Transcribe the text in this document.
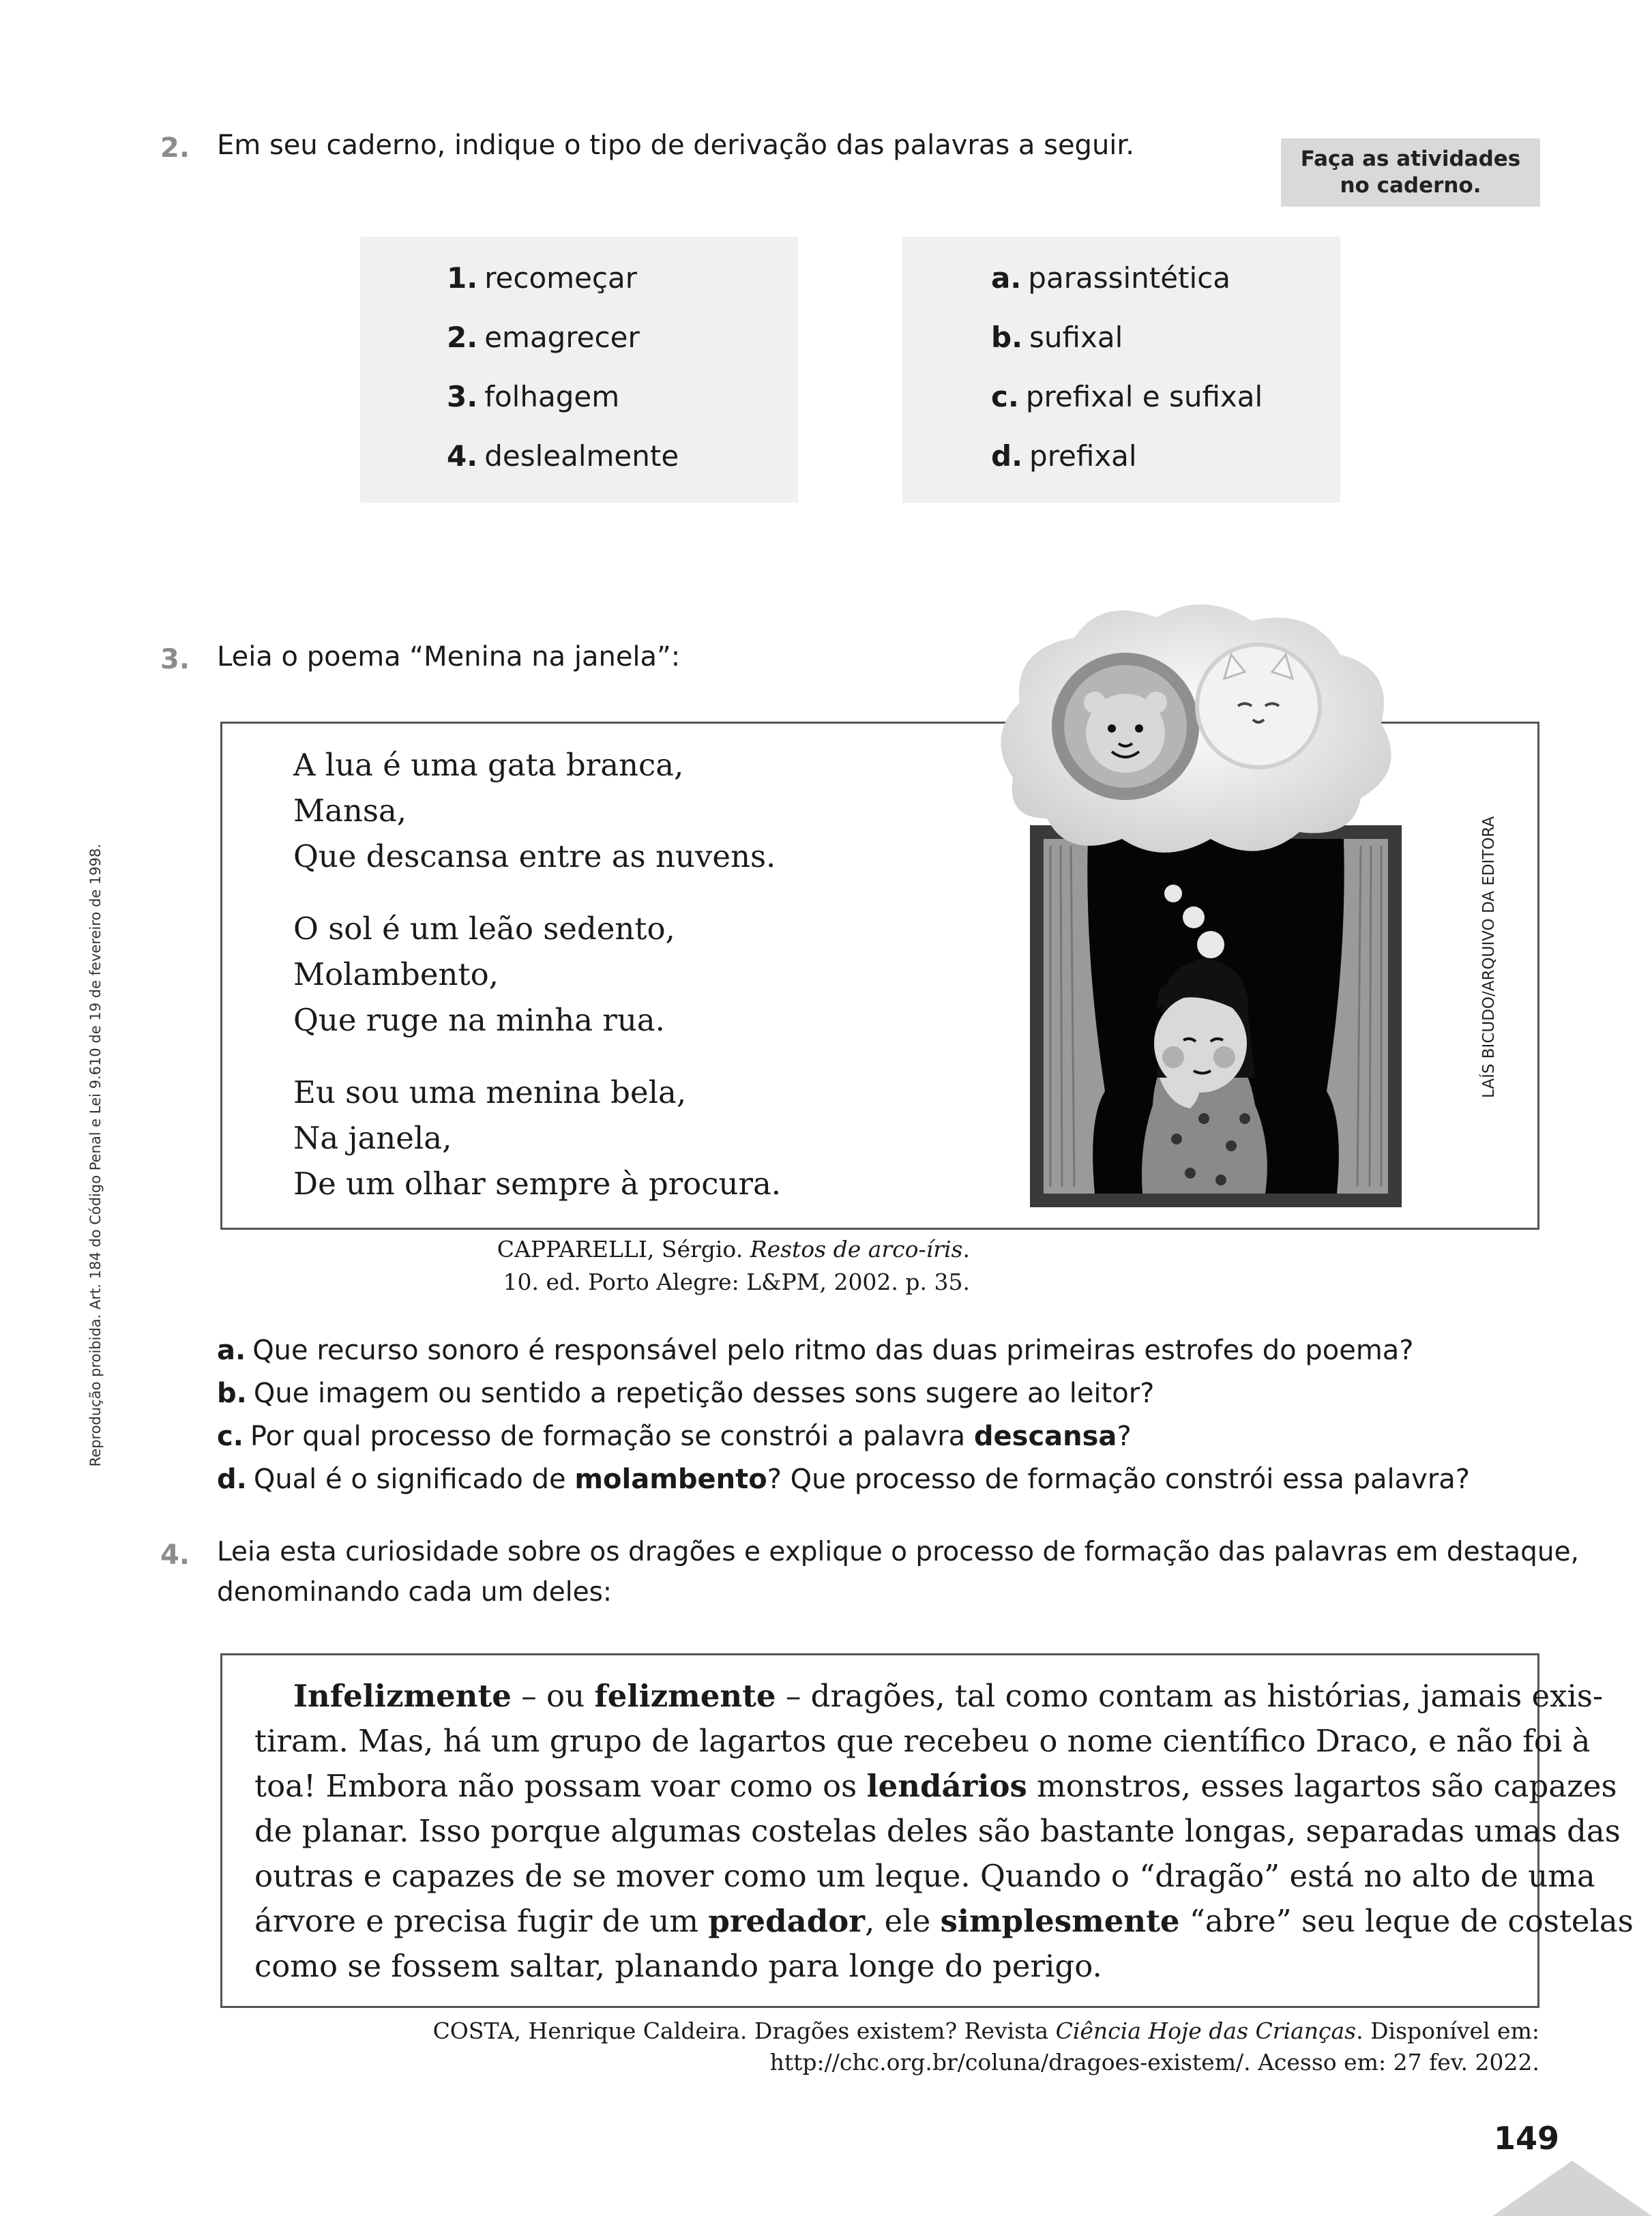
Reprodução proibida. Art. 184 do Código Penal e Lei 9.610 de 19 de fevereiro de 1998.
2. Em seu caderno, indique o tipo de derivação das palavras a seguir.	Faça as atividades
no caderno.
1. recomeçar
2. emagrecer
3. folhagem
4. deslealmente
a. parassintética
b. sufixal
c. prefixal e sufixal
d. prefixal
3. Leia o poema “Menina na janela”:
A lua é uma gata branca,
Mansa,
Que descansa entre as nuvens.
O sol é um leão sedento,
Molambento,
Que ruge na minha rua.
Eu sou uma menina bela,
Na janela,
De um olhar sempre à procura.
LAÍS BICUDO/ARQUIVO DA EDITORA
CAPPARELLI, Sérgio. Restos de arco-íris.
10. ed. Porto Alegre: L&PM, 2002. p. 35.
a. Que recurso sonoro é responsável pelo ritmo das duas primeiras estrofes do poema?
b. Que imagem ou sentido a repetição desses sons sugere ao leitor?
c. Por qual processo de formação se constrói a palavra descansa?
d. Qual é o significado de molambento? Que processo de formação constrói essa palavra?
4. Leia esta curiosidade sobre os dragões e explique o processo de formação das palavras em destaque,
denominando cada um deles:
Infelizmente – ou felizmente – dragões, tal como contam as histórias, jamais exis-
tiram. Mas, há um grupo de lagartos que recebeu o nome científico Draco, e não foi à
toa! Embora não possam voar como os lendários monstros, esses lagartos são capazes
de planar. Isso porque algumas costelas deles são bastante longas, separadas umas das
outras e capazes de se mover como um leque. Quando o “dragão” está no alto de uma
árvore e precisa fugir de um predador, ele simplesmente “abre” seu leque de costelas
como se fossem saltar, planando para longe do perigo.
COSTA, Henrique Caldeira. Dragões existem? Revista Ciência Hoje das Crianças. Disponível em:
http://chc.org.br/coluna/dragoes-existem/. Acesso em: 27 fev. 2022.
149
